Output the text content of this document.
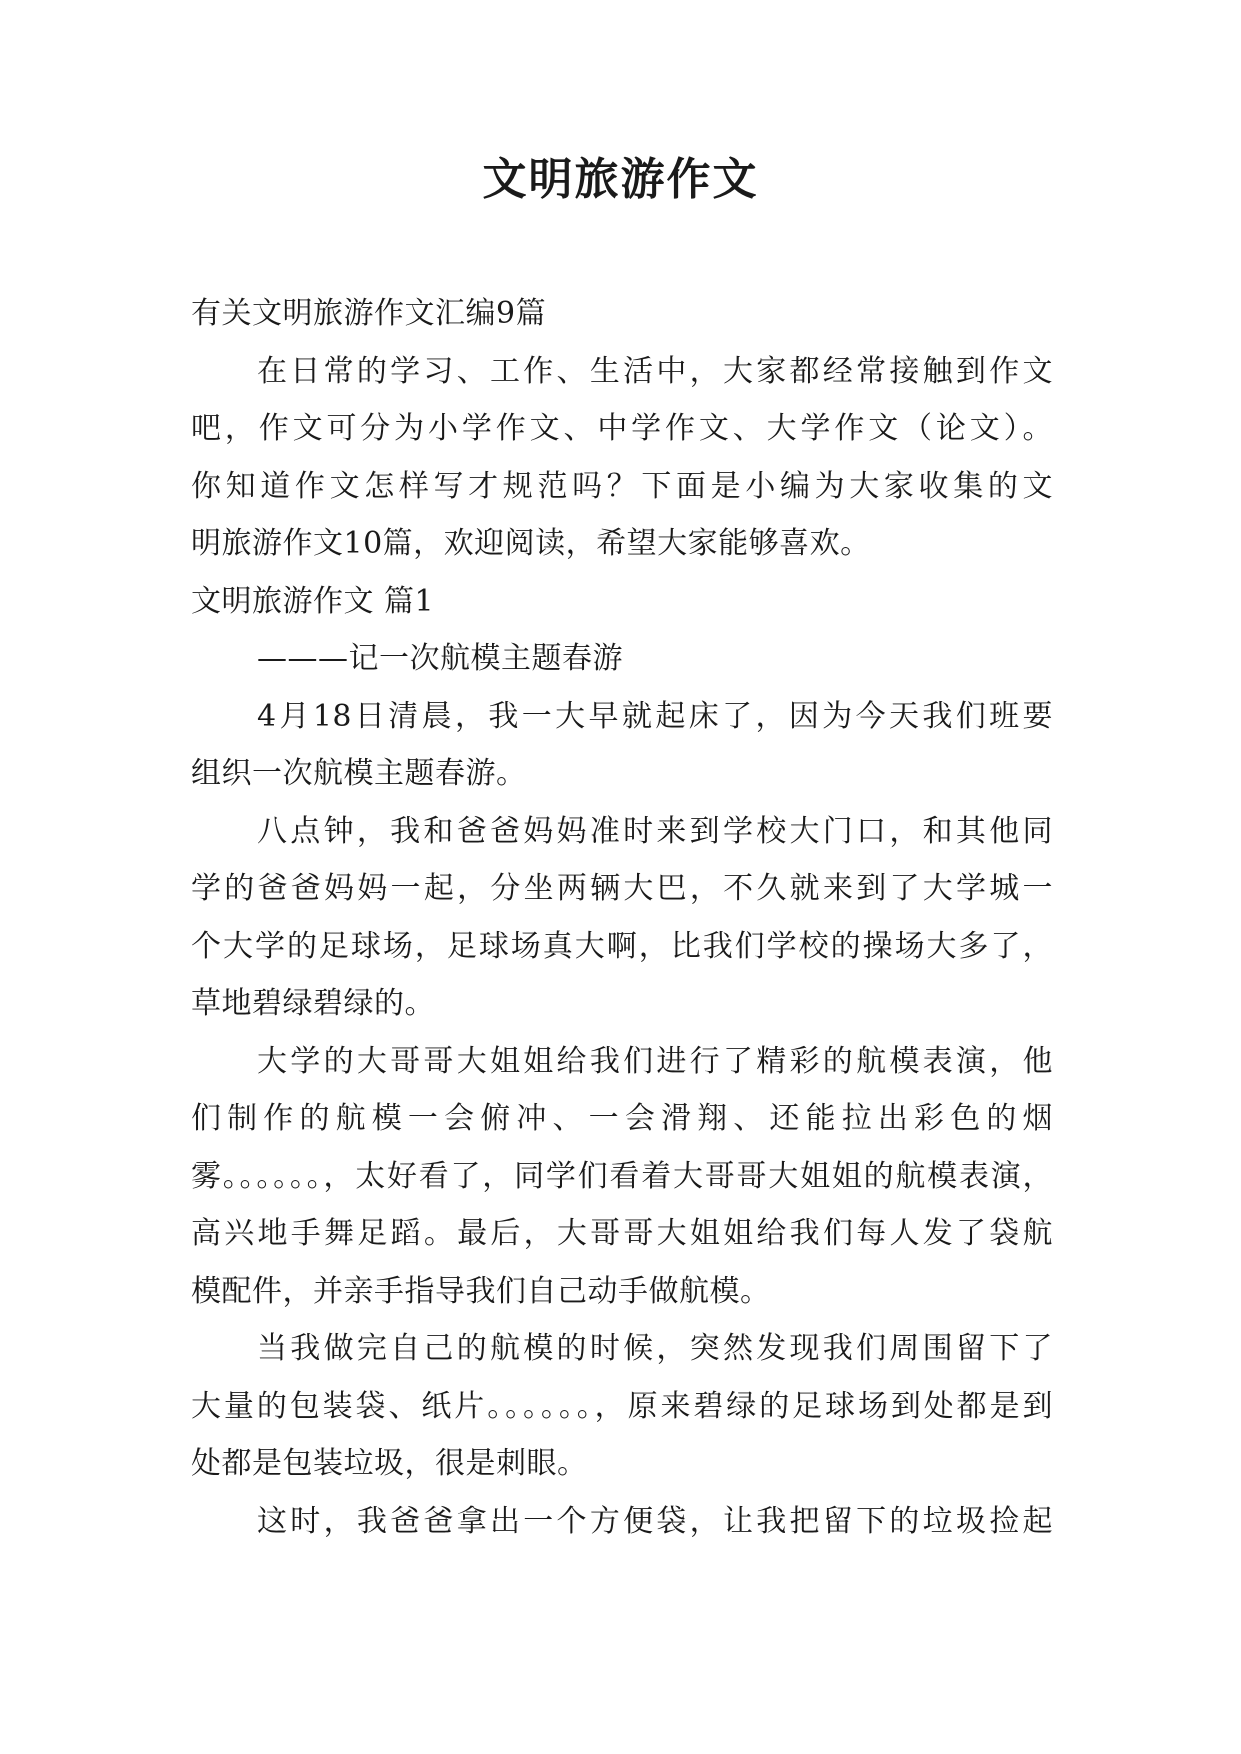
文明旅游作文
有关文明旅游作文汇编9篇
在日常的学习、工作、生活中，大家都经常接触到作文
吧，作文可分为小学作文、中学作文、大学作文（论文）。
你知道作文怎样写才规范吗？下面是小编为大家收集的文
明旅游作文10篇，欢迎阅读，希望大家能够喜欢。
文明旅游作文 篇1
———记一次航模主题春游
4月18日清晨，我一大早就起床了，因为今天我们班要
组织一次航模主题春游。
八点钟，我和爸爸妈妈准时来到学校大门口，和其他同
学的爸爸妈妈一起，分坐两辆大巴，不久就来到了大学城一
个大学的足球场，足球场真大啊，比我们学校的操场大多了，
草地碧绿碧绿的。
大学的大哥哥大姐姐给我们进行了精彩的航模表演，他
们制作的航模一会俯冲、一会滑翔、还能拉出彩色的烟
雾。。。。。。，太好看了，同学们看着大哥哥大姐姐的航模表演，
高兴地手舞足蹈。最后，大哥哥大姐姐给我们每人发了袋航
模配件，并亲手指导我们自己动手做航模。
当我做完自己的航模的时候，突然发现我们周围留下了
大量的包装袋、纸片。。。。。。，原来碧绿的足球场到处都是到
处都是包装垃圾，很是刺眼。
这时，我爸爸拿出一个方便袋，让我把留下的垃圾捡起
